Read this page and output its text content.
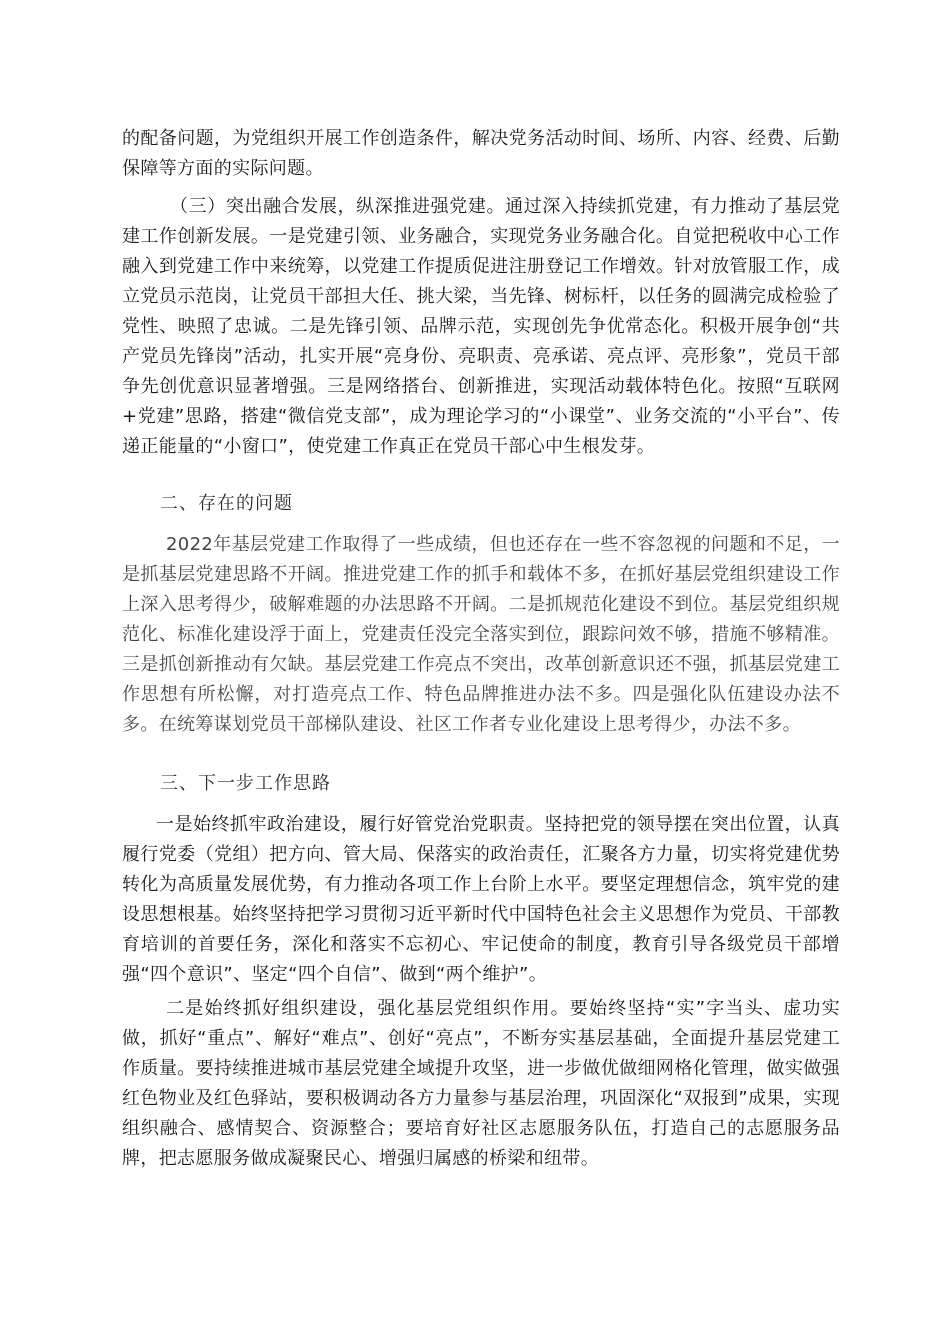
的配备问题，为党组织开展工作创造条件，解决党务活动时间、场所、内容、经费、后勤保障等方面的实际问题。

（三）突出融合发展，纵深推进强党建。通过深入持续抓党建，有力推动了基层党建工作创新发展。一是党建引领、业务融合，实现党务业务融合化。自觉把税收中心工作融入到党建工作中来统筹，以党建工作提质促进注册登记工作增效。针对放管服工作，成立党员示范岗，让党员干部担大任、挑大梁，当先锋、树标杆，以任务的圆满完成检验了党性、映照了忠诚。二是先锋引领、品牌示范，实现创先争优常态化。积极开展争创“共产党员先锋岗”活动，扎实开展“亮身份、亮职责、亮承诺、亮点评、亮形象”，党员干部争先创优意识显著增强。三是网络搭台、创新推进，实现活动载体特色化。按照“互联网+党建”思路，搭建“微信党支部”，成为理论学习的“小课堂”、业务交流的“小平台”、传递正能量的“小窗口”，使党建工作真正在党员干部心中生根发芽。

二、存在的问题

2022年基层党建工作取得了一些成绩，但也还存在一些不容忽视的问题和不足，一是抓基层党建思路不开阔。推进党建工作的抓手和载体不多，在抓好基层党组织建设工作上深入思考得少，破解难题的办法思路不开阔。二是抓规范化建设不到位。基层党组织规范化、标准化建设浮于面上，党建责任没完全落实到位，跟踪问效不够，措施不够精准。三是抓创新推动有欠缺。基层党建工作亮点不突出，改革创新意识还不强，抓基层党建工作思想有所松懈，对打造亮点工作、特色品牌推进办法不多。四是强化队伍建设办法不多。在统筹谋划党员干部梯队建设、社区工作者专业化建设上思考得少，办法不多。

三、下一步工作思路

一是始终抓牢政治建设，履行好管党治党职责。坚持把党的领导摆在突出位置，认真履行党委（党组）把方向、管大局、保落实的政治责任，汇聚各方力量，切实将党建优势转化为高质量发展优势，有力推动各项工作上台阶上水平。要坚定理想信念，筑牢党的建设思想根基。始终坚持把学习贯彻习近平新时代中国特色社会主义思想作为党员、干部教育培训的首要任务，深化和落实不忘初心、牢记使命的制度，教育引导各级党员干部增强“四个意识”、坚定“四个自信”、做到“两个维护”。

二是始终抓好组织建设，强化基层党组织作用。要始终坚持“实”字当头、虚功实做，抓好“重点”、解好“难点”、创好“亮点”，不断夯实基层基础，全面提升基层党建工作质量。要持续推进城市基层党建全域提升攻坚，进一步做优做细网格化管理，做实做强红色物业及红色驿站，要积极调动各方力量参与基层治理，巩固深化“双报到”成果，实现组织融合、感情契合、资源整合；要培育好社区志愿服务队伍，打造自己的志愿服务品牌，把志愿服务做成凝聚民心、增强归属感的桥梁和纽带。
